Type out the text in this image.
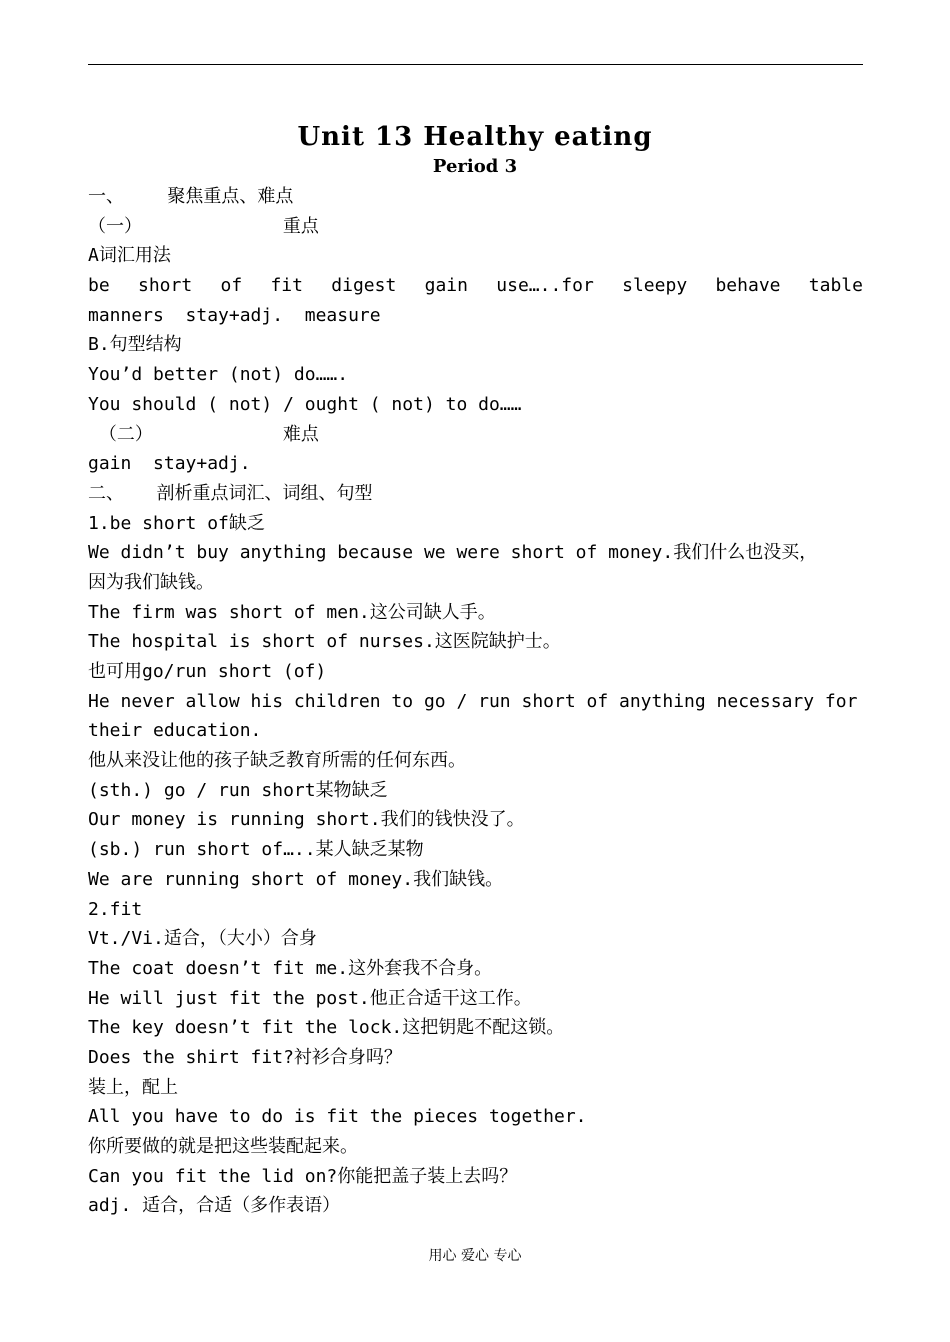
Unit 13 Healthy eating
Period 3
一、    聚焦重点、难点
（一）             重点
A词汇用法
be short of fit digest gain use…..for sleepy behave table
manners  stay+adj.  measure
B.句型结构
You’d better (not) do…….
You should ( not) / ought ( not) to do……
（二）            难点
gain  stay+adj.
二、   剖析重点词汇、词组、句型
1.be short of缺乏
We didn’t buy anything because we were short of money.我们什么也没买，
因为我们缺钱。
The firm was short of men.这公司缺人手。
The hospital is short of nurses.这医院缺护士。
也可用go/run short (of)
He never allow his children to go / run short of anything necessary for
their education.
他从来没让他的孩子缺乏教育所需的任何东西。
(sth.) go / run short某物缺乏
Our money is running short.我们的钱快没了。
(sb.) run short of…..某人缺乏某物
We are running short of money.我们缺钱。
2.fit
Vt./Vi.适合，（大小）合身
The coat doesn’t fit me.这外套我不合身。
He will just fit the post.他正合适干这工作。
The key doesn’t fit the lock.这把钥匙不配这锁。
Does the shirt fit?衬衫合身吗？
装上，配上
All you have to do is fit the pieces together.
你所要做的就是把这些装配起来。
Can you fit the lid on?你能把盖子装上去吗？
adj. 适合，合适（多作表语）
用心 爱心 专心
